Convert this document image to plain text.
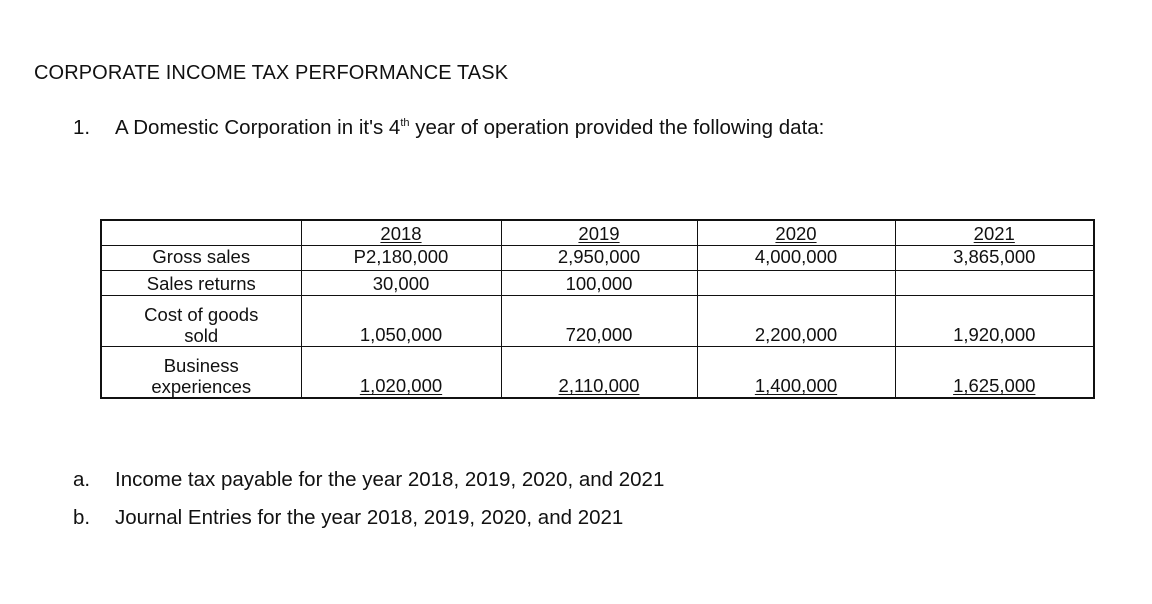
CORPORATE INCOME TAX PERFORMANCE TASK
1. A Domestic Corporation in it's 4th year of operation provided the following data:
	2018	2019	2020	2021
Gross sales	P2,180,000	2,950,000	4,000,000	3,865,000
Sales returns	30,000	100,000		

Cost of goods
sold	1,050,000	720,000	2,200,000	1,920,000

Business
experiences	1,020,000	2,110,000	1,400,000	1,625,000
a. Income tax payable for the year 2018, 2019, 2020, and 2021
b. Journal Entries for the year 2018, 2019, 2020, and 2021
